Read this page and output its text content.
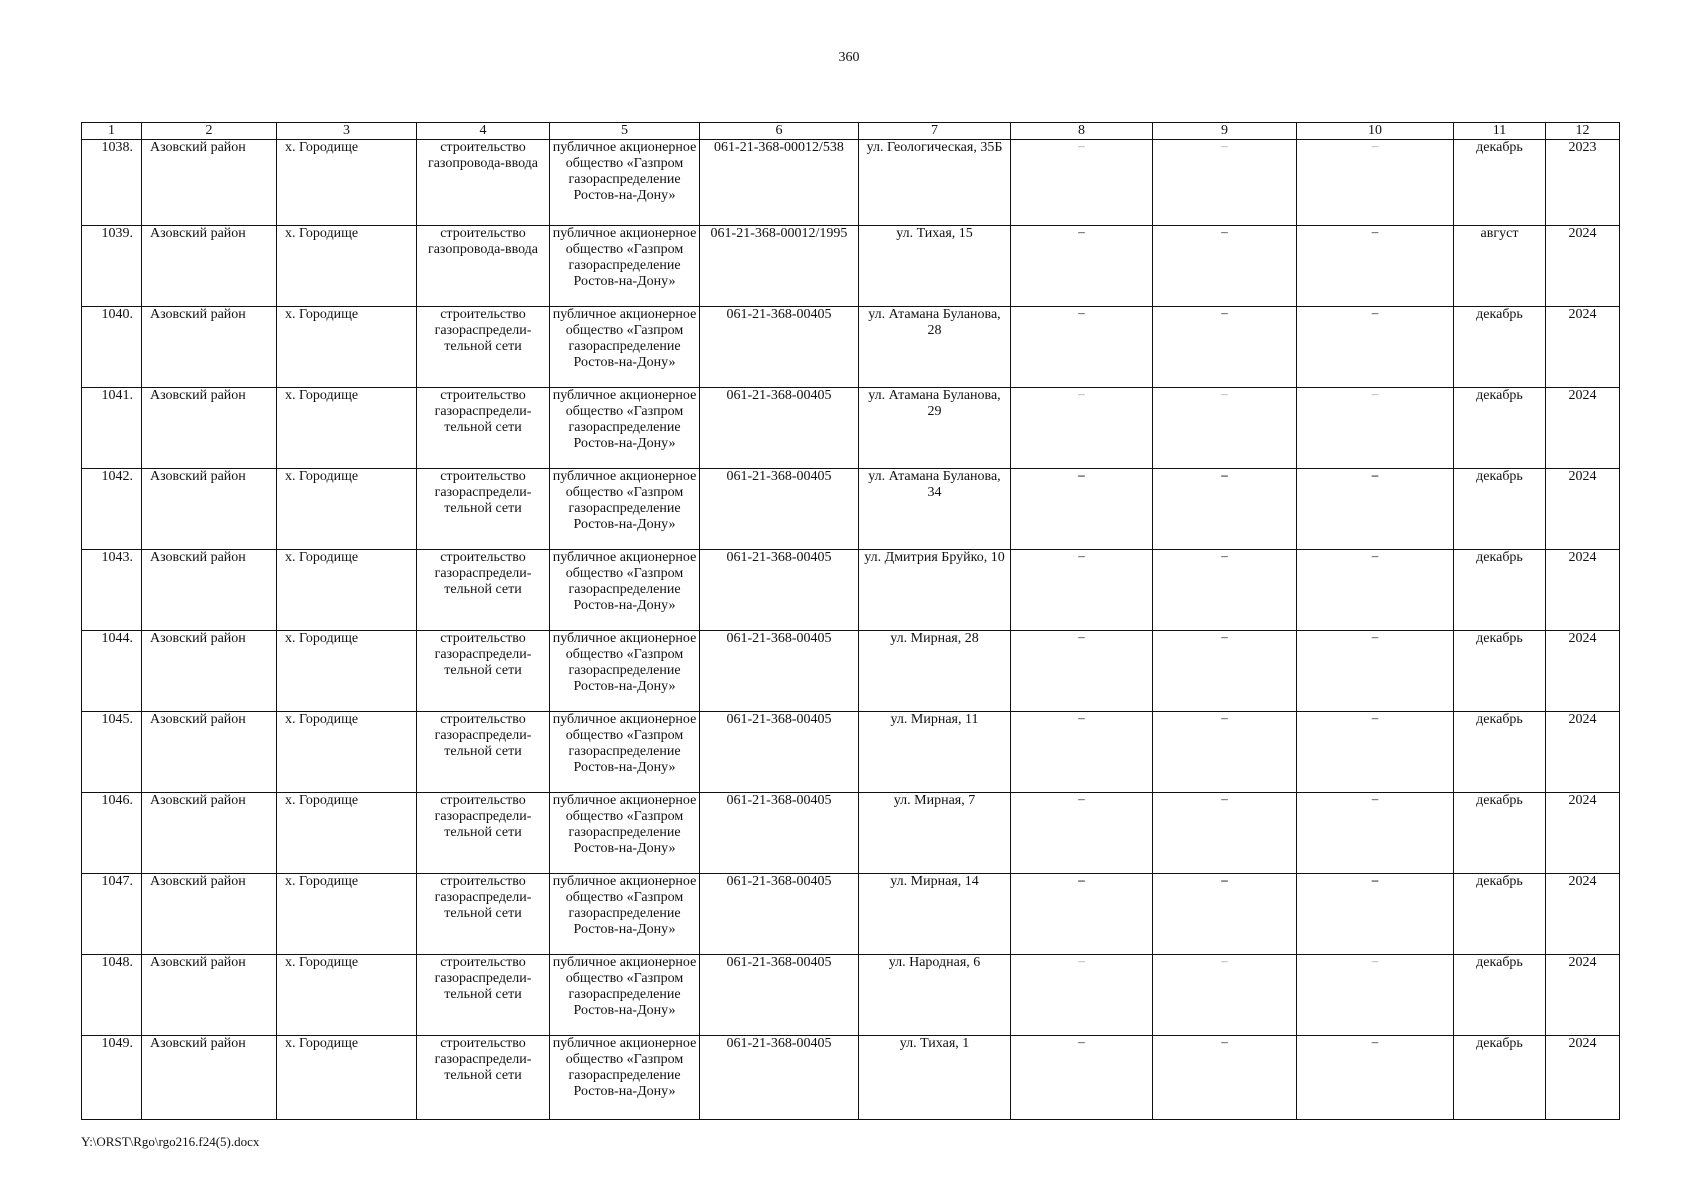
360
1	2	3	4	5	6	7	8	9	10	11	12
1038.	Азовский район	х. Городище	строительство газопровода-ввода	публичное акционерное общество «Газпром газораспределение Ростов-на-Дону»	061-21-368-00012/538	ул. Геологическая, 35Б	–	–	–	декабрь	2023
1039.	Азовский район	х. Городище	строительство газопровода-ввода	публичное акционерное общество «Газпром газораспределение Ростов-на-Дону»	061-21-368-00012/1995	ул. Тихая, 15	–	–	–	август	2024
1040.	Азовский район	х. Городище	строительство газораспредели-тельной сети	публичное акционерное общество «Газпром газораспределение Ростов-на-Дону»	061-21-368-00405	ул. Атамана Буланова, 28	–	–	–	декабрь	2024
1041.	Азовский район	х. Городище	строительство газораспредели-тельной сети	публичное акционерное общество «Газпром газораспределение Ростов-на-Дону»	061-21-368-00405	ул. Атамана Буланова, 29	–	–	–	декабрь	2024
1042.	Азовский район	х. Городище	строительство газораспредели-тельной сети	публичное акционерное общество «Газпром газораспределение Ростов-на-Дону»	061-21-368-00405	ул. Атамана Буланова, 34	–	–	–	декабрь	2024
1043.	Азовский район	х. Городище	строительство газораспредели-тельной сети	публичное акционерное общество «Газпром газораспределение Ростов-на-Дону»	061-21-368-00405	ул. Дмитрия Бруйко, 10	–	–	–	декабрь	2024
1044.	Азовский район	х. Городище	строительство газораспредели-тельной сети	публичное акционерное общество «Газпром газораспределение Ростов-на-Дону»	061-21-368-00405	ул. Мирная, 28	–	–	–	декабрь	2024
1045.	Азовский район	х. Городище	строительство газораспредели-тельной сети	публичное акционерное общество «Газпром газораспределение Ростов-на-Дону»	061-21-368-00405	ул. Мирная, 11	–	–	–	декабрь	2024
1046.	Азовский район	х. Городище	строительство газораспредели-тельной сети	публичное акционерное общество «Газпром газораспределение Ростов-на-Дону»	061-21-368-00405	ул. Мирная, 7	–	–	–	декабрь	2024
1047.	Азовский район	х. Городище	строительство газораспредели-тельной сети	публичное акционерное общество «Газпром газораспределение Ростов-на-Дону»	061-21-368-00405	ул. Мирная, 14	–	–	–	декабрь	2024
1048.	Азовский район	х. Городище	строительство газораспредели-тельной сети	публичное акционерное общество «Газпром газораспределение Ростов-на-Дону»	061-21-368-00405	ул. Народная, 6	–	–	–	декабрь	2024
1049.	Азовский район	х. Городище	строительство газораспредели-тельной сети	публичное акционерное общество «Газпром газораспределение Ростов-на-Дону»	061-21-368-00405	ул. Тихая, 1	–	–	–	декабрь	2024
Y:\ORST\Rgo\rgo216.f24(5).docx
